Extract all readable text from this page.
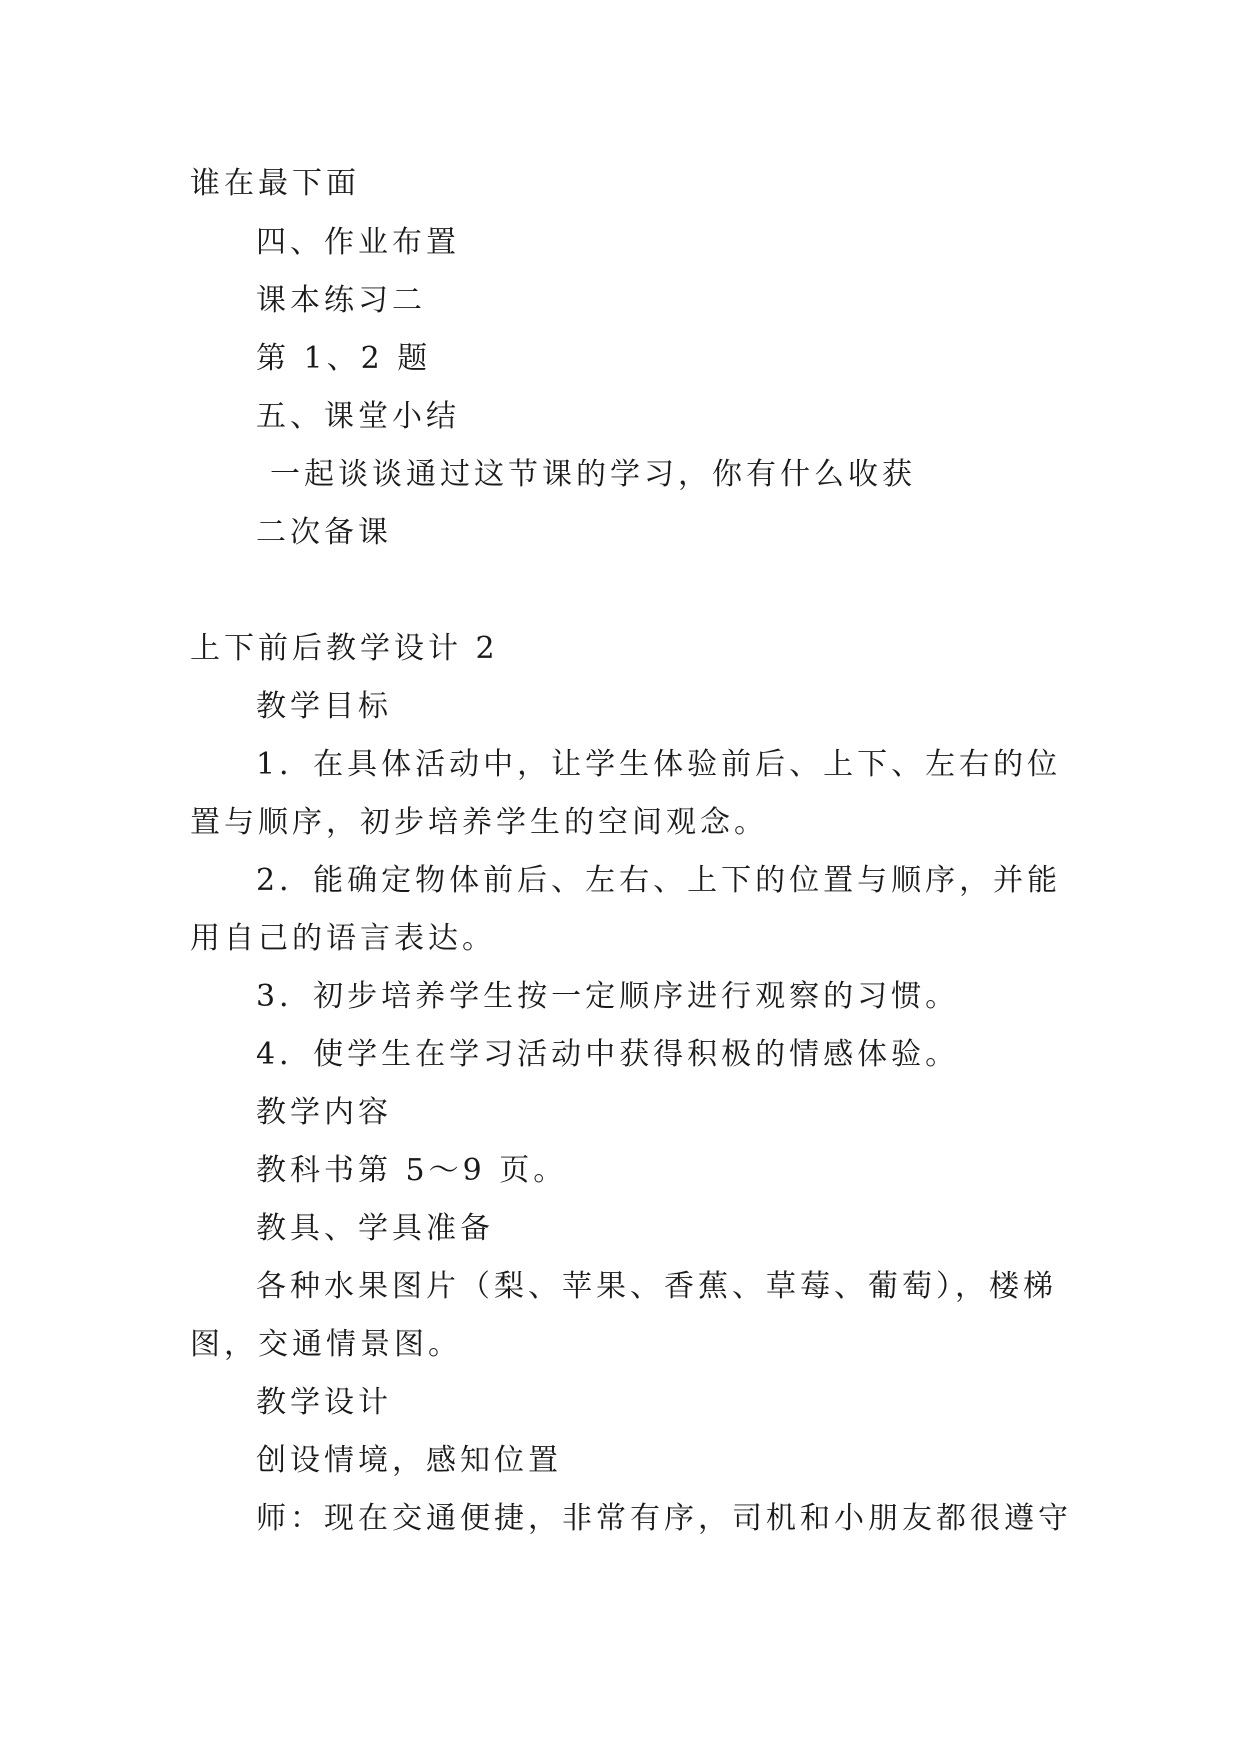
谁在最下面
四、作业布置
课本练习二
第 1、2 题
五、课堂小结
一起谈谈通过这节课的学习，你有什么收获
二次备课
上下前后教学设计 2
教学目标
1．在具体活动中，让学生体验前后、上下、左右的位
置与顺序，初步培养学生的空间观念。
2．能确定物体前后、左右、上下的位置与顺序，并能
用自己的语言表达。
3．初步培养学生按一定顺序进行观察的习惯。
4．使学生在学习活动中获得积极的情感体验。
教学内容
教科书第 5～9 页。
教具、学具准备
各种水果图片（梨、苹果、香蕉、草莓、葡萄），楼梯
图，交通情景图。
教学设计
创设情境，感知位置
师：现在交通便捷，非常有序，司机和小朋友都很遵守
